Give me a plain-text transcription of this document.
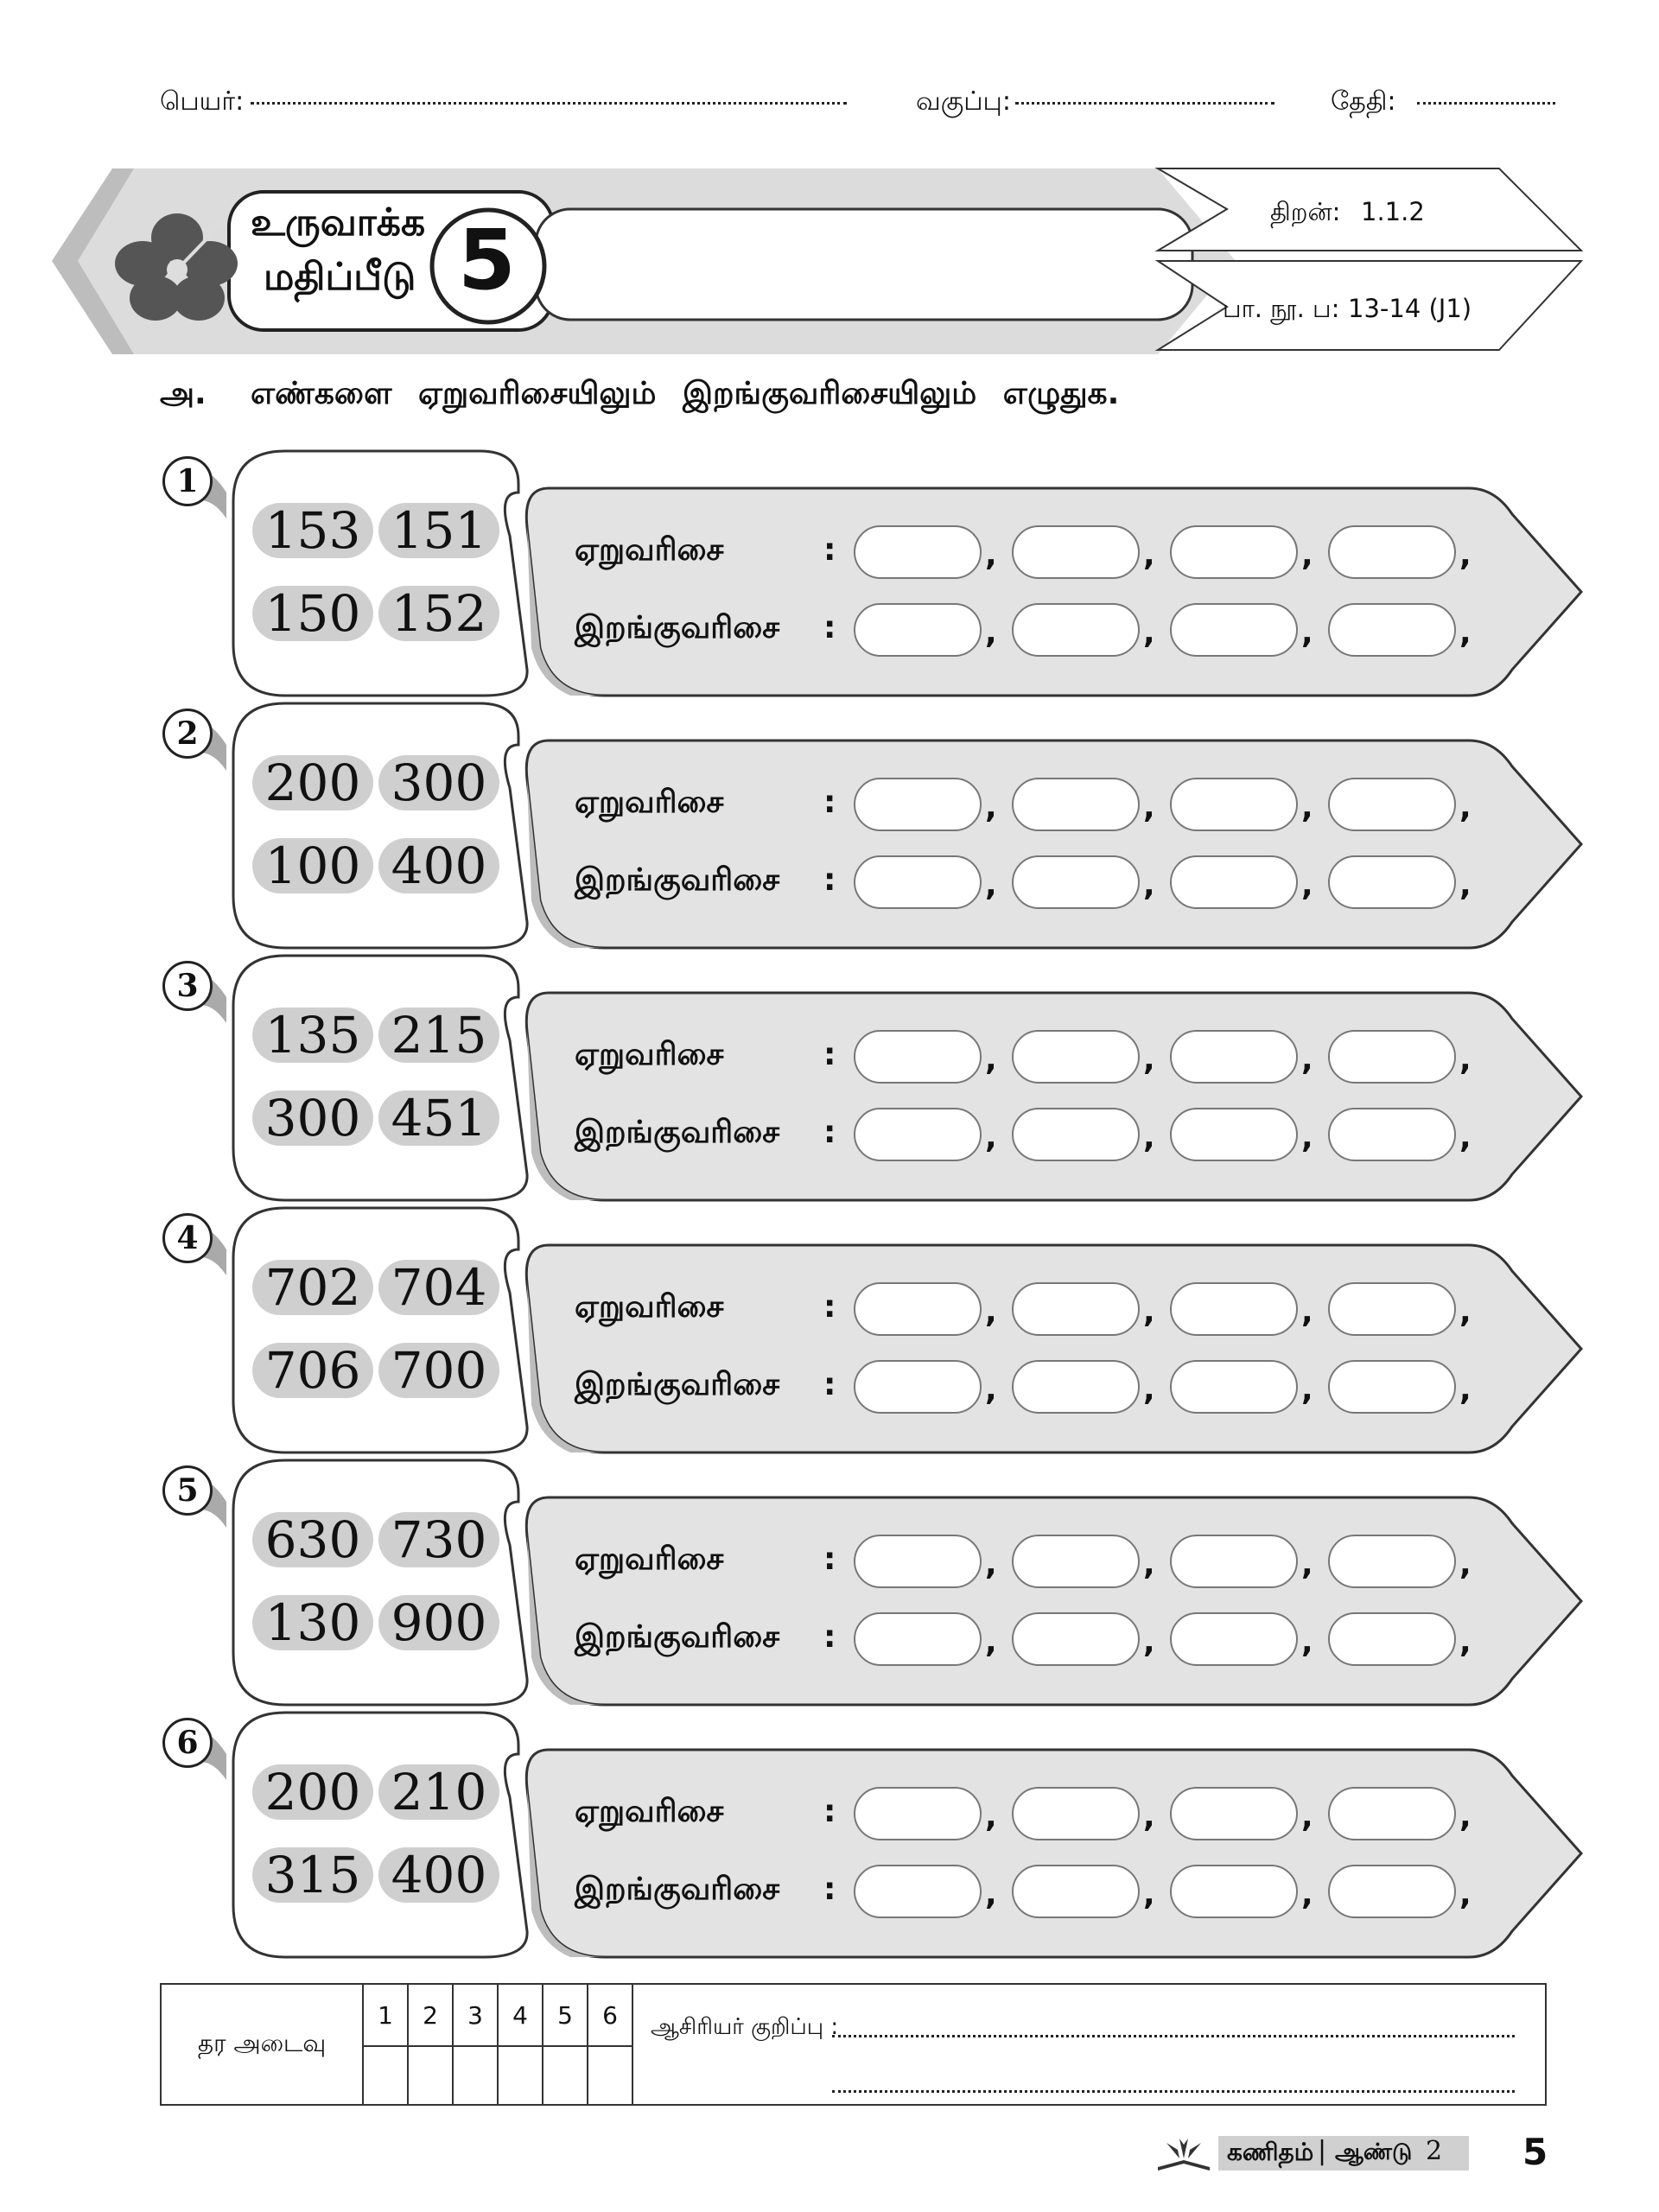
பெயர்:	வகுப்பு:	தேதி:
உருவாக்க
மதிப்பீடு 5	திறன்: 1.1.2
பா. நூ. ப: 13-14 (J1)
அ. எண்களை ஏறுவரிசையிலும் இறங்குவரிசையிலும் எழுதுக.
1
153 151
150 152
ஏறுவரிசை	:	,	,	,	,
இறங்குவரிசை :	,	,	,	,
2
200 300
100 400
ஏறுவரிசை	:	,	,	,	,
இறங்குவரிசை :	,	,	,	,
3
135 215
300 451
ஏறுவரிசை	:	,	,	,	,
இறங்குவரிசை :	,	,	,	,
4
702 704
706 700
ஏறுவரிசை	:	,	,	,	,
இறங்குவரிசை :	,	,	,	,
5
630 730
130 900
ஏறுவரிசை	:	,	,	,	,
இறங்குவரிசை :	,	,	,	,
6
200 210
315 400
ஏறுவரிசை	:	,	,	,	,
இறங்குவரிசை :	,	,	,	,
தர அடைவு	1	2	3	4	5	6	ஆசிரியர் குறிப்பு :

கணிதம் | ஆண்டு 2 5
